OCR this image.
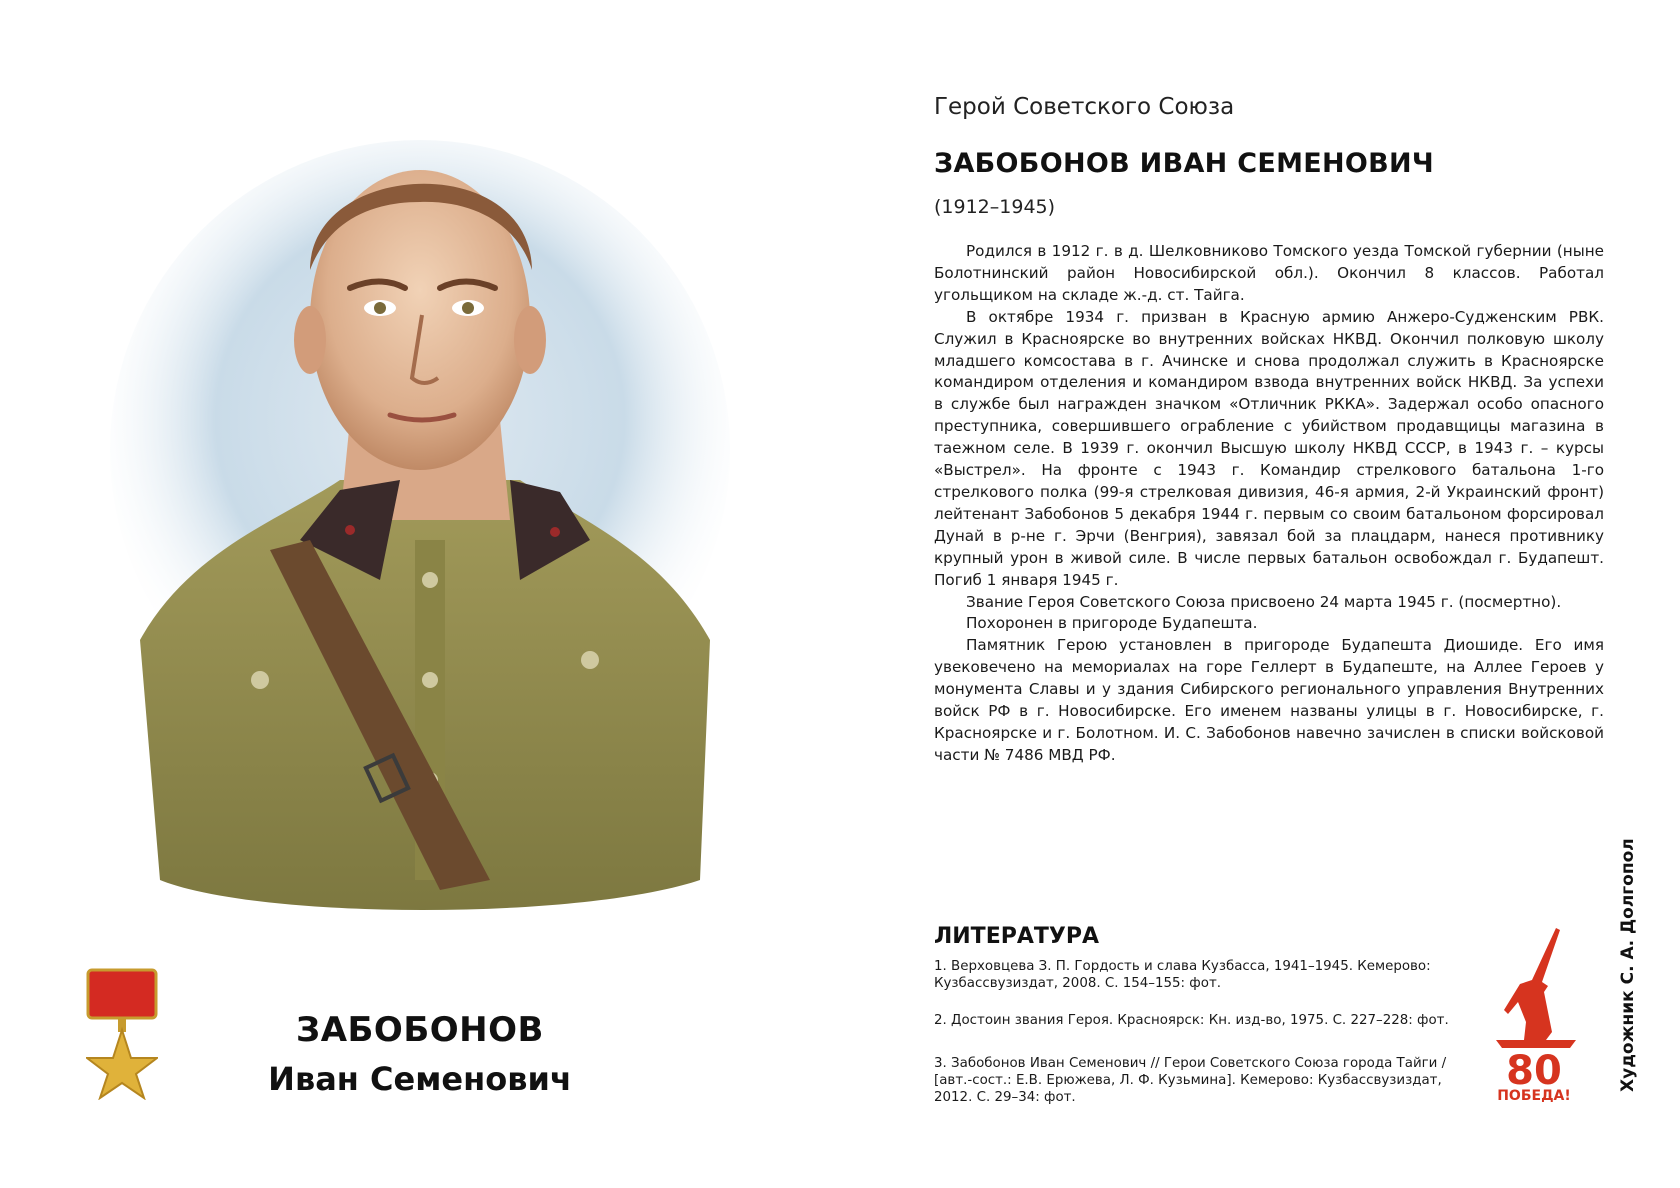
ЗАБОБОНОВ
Иван Семенович
Герой Советского Союза
ЗАБОБОНОВ ИВАН СЕМЕНОВИЧ
(1912–1945)

Родился в 1912 г. в д. Шелковниково Томского уезда Томской губернии (ныне Болотнинский район Новосибирской обл.). Окончил 8 классов. Работал угольщиком на складе ж.-д. ст. Тайга.

В октябре 1934 г. призван в Красную армию Анжеро-Судженским РВК. Служил в Красноярске во внутренних войсках НКВД. Окончил полковую школу младшего комсостава в г. Ачинске и снова продолжал служить в Красноярске командиром отделения и командиром взвода внутренних войск НКВД. За успехи в службе был награжден значком «Отличник РККА». Задержал особо опасного преступника, совершившего ограбление с убийством продавщицы магазина в таежном селе. В 1939 г. окончил Высшую школу НКВД СССР, в 1943 г. – курсы «Выстрел». На фронте с 1943 г. Командир стрелкового батальона 1-го стрелкового полка (99-я стрелковая дивизия, 46-я армия, 2-й Украинский фронт) лейтенант Забобонов 5 декабря 1944 г. первым со своим батальоном форсировал Дунай в р-не г. Эрчи (Венгрия), завязал бой за плацдарм, нанеся противнику крупный урон в живой силе. В числе первых батальон освобождал г. Будапешт. Погиб 1 января 1945 г.

Звание Героя Советского Союза присвоено 24 марта 1945 г. (посмертно).

Похоронен в пригороде Будапешта.

Памятник Герою установлен в пригороде Будапешта Диошиде. Его имя увековечено на мемориалах на горе Геллерт в Будапеште, на Аллее Героев у монумента Славы и у здания Сибирского регионального управления Внутренних войск РФ в г. Новосибирске. Его именем названы улицы в г. Новосибирске, г. Красноярске и г. Болотном. И. С. Забобонов навечно зачислен в списки войсковой части № 7486 МВД РФ.

ЛИТЕРАТУРА
1. Верховцева З. П. Гордость и слава Кузбасса, 1941–1945. Кемерово: Кузбассвузиздат, 2008. С. 154–155: фот.
2. Достоин звания Героя. Красноярск: Кн. изд-во, 1975. С. 227–228: фот.
3. Забобонов Иван Семенович // Герои Советского Союза города Тайги / [авт.-сост.: Е.В. Ерюжева, Л. Ф. Кузьмина]. Кемерово: Кузбассвузиздат, 2012. С. 29–34: фот.
80
ПОБЕДА!
Художник С. А. Долгопол
